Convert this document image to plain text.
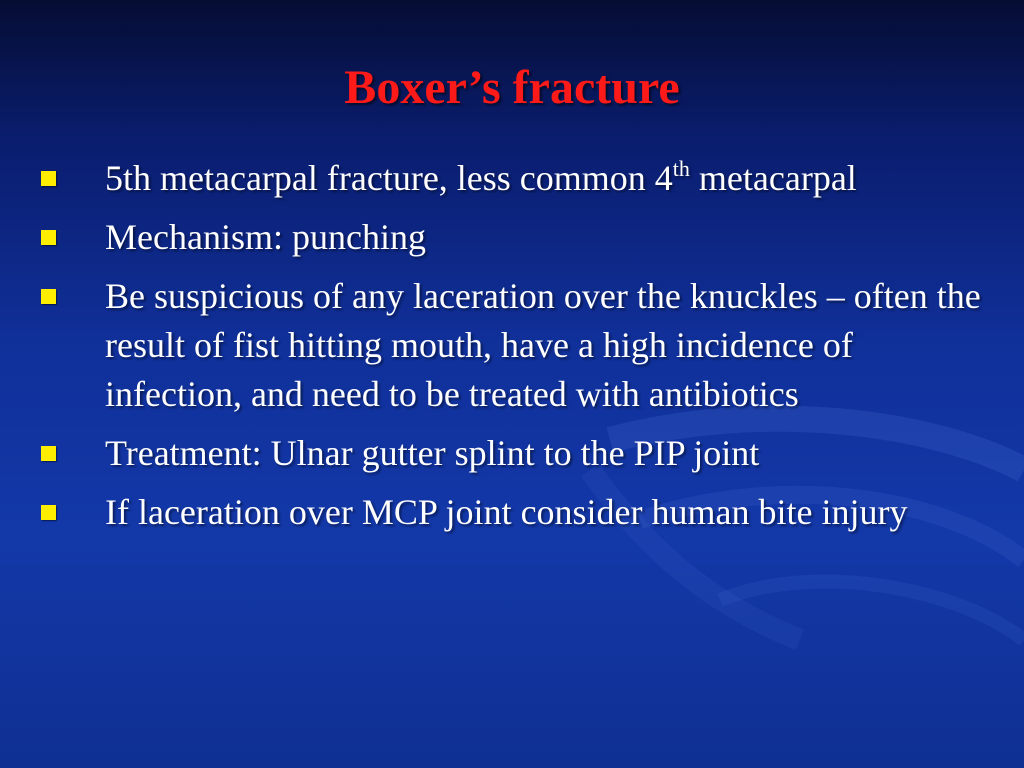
Boxer’s fracture
5th metacarpal fracture, less common 4th metacarpal
Mechanism: punching
Be suspicious of any laceration over the knuckles – often the result of fist hitting mouth, have a high incidence of infection, and need to be treated with antibiotics
Treatment: Ulnar gutter splint to the PIP joint
If laceration over MCP joint consider human bite injury
